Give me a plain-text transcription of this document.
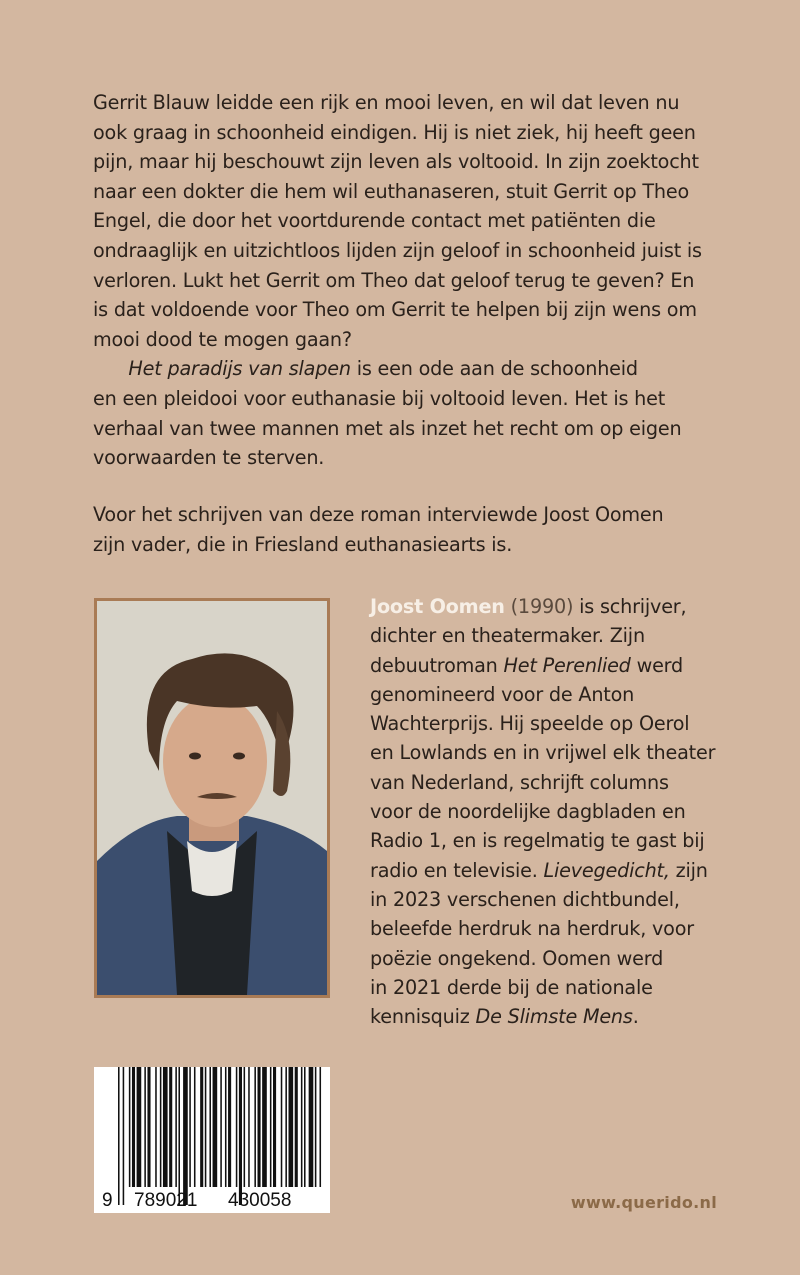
Gerrit Blauw leidde een rijk en mooi leven, en wil dat leven nu
ook graag in schoonheid eindigen. Hij is niet ziek, hij heeft geen
pijn, maar hij beschouwt zijn leven als voltooid. In zijn zoektocht
naar een dokter die hem wil euthanaseren, stuit Gerrit op Theo
Engel, die door het voortdurende contact met patiënten die
ondraaglijk en uitzichtloos lijden zijn geloof in schoonheid juist is
verloren. Lukt het Gerrit om Theo dat geloof terug te geven? En
is dat voldoende voor Theo om Gerrit te helpen bij zijn wens om
mooi dood te mogen gaan?
Het paradijs van slapen is een ode aan de schoonheid
en een pleidooi voor euthanasie bij voltooid leven. Het is het
verhaal van twee mannen met als inzet het recht om op eigen
voorwaarden te sterven.
Voor het schrijven van deze roman interviewde Joost Oomen
zijn vader, die in Friesland euthanasiearts is.
Joost Oomen (1990) is schrijver,
dichter en theatermaker. Zijn
debuutroman Het Perenlied werd
genomineerd voor de Anton
Wachterprijs. Hij speelde op Oerol
en Lowlands en in vrijwel elk theater
van Nederland, schrijft columns
voor de noordelijke dagbladen en
Radio 1, en is regelmatig te gast bij
radio en televisie. Lievegedicht, zijn
in 2023 verschenen dichtbundel,
beleefde herdruk na herdruk, voor
poëzie ongekend. Oomen werd
in 2021 derde bij de nationale
kennisquiz De Slimste Mens.
9 789021 430058	www.querido.nl
